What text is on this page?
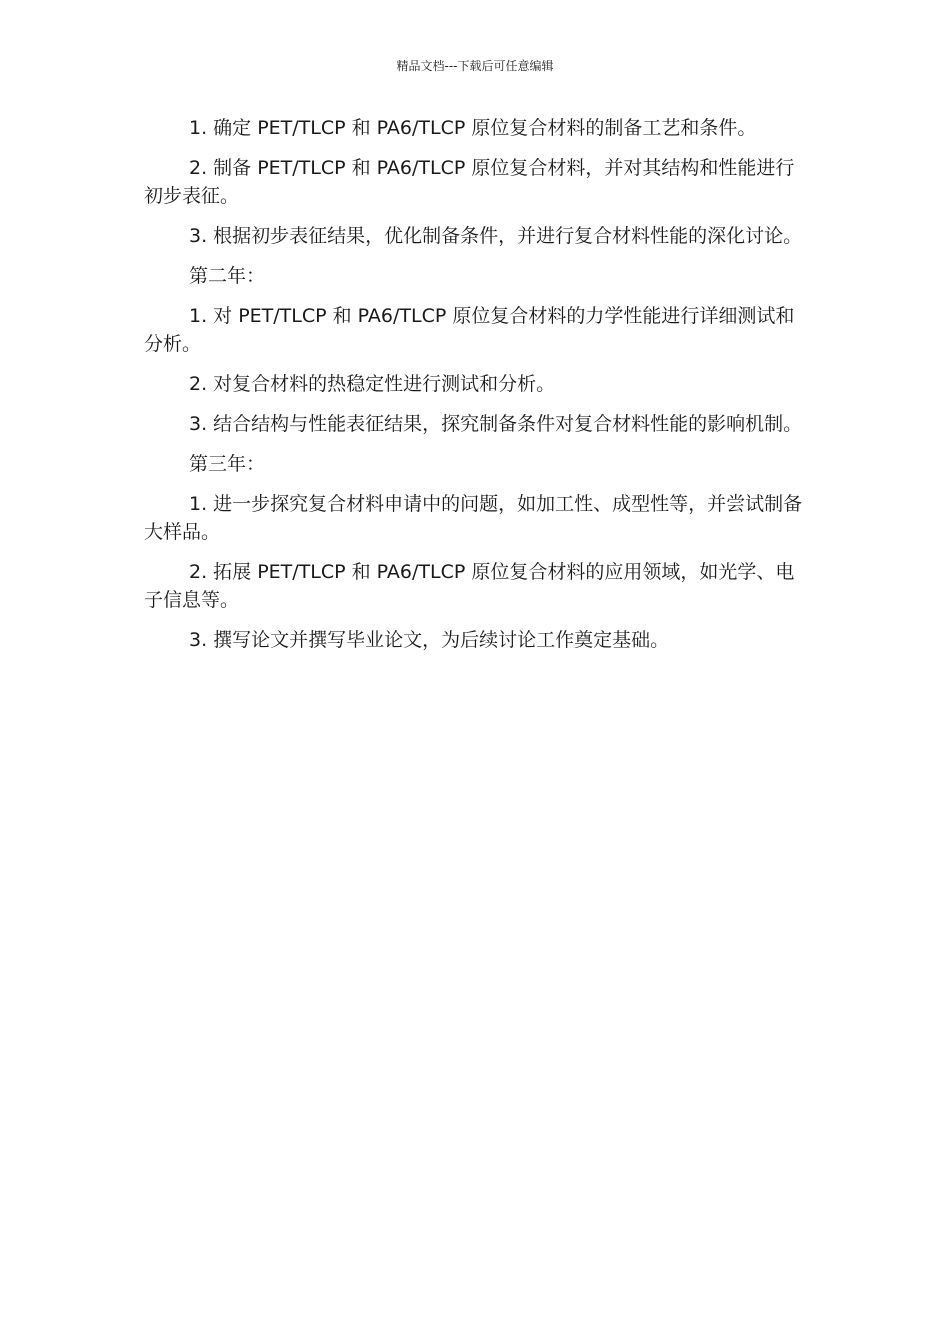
精品文档---下载后可任意编辑

1. 确定 PET/TLCP 和 PA6/TLCP 原位复合材料的制备工艺和条件。

2. 制备 PET/TLCP 和 PA6/TLCP 原位复合材料，并对其结构和性能进行初步表征。

3. 根据初步表征结果，优化制备条件，并进行复合材料性能的深化讨论。

第二年：

1. 对 PET/TLCP 和 PA6/TLCP 原位复合材料的力学性能进行详细测试和分析。

2. 对复合材料的热稳定性进行测试和分析。

3. 结合结构与性能表征结果，探究制备条件对复合材料性能的影响机制。

第三年：

1. 进一步探究复合材料申请中的问题，如加工性、成型性等，并尝试制备大样品。

2. 拓展 PET/TLCP 和 PA6/TLCP 原位复合材料的应用领域，如光学、电子信息等。

3. 撰写论文并撰写毕业论文，为后续讨论工作奠定基础。
